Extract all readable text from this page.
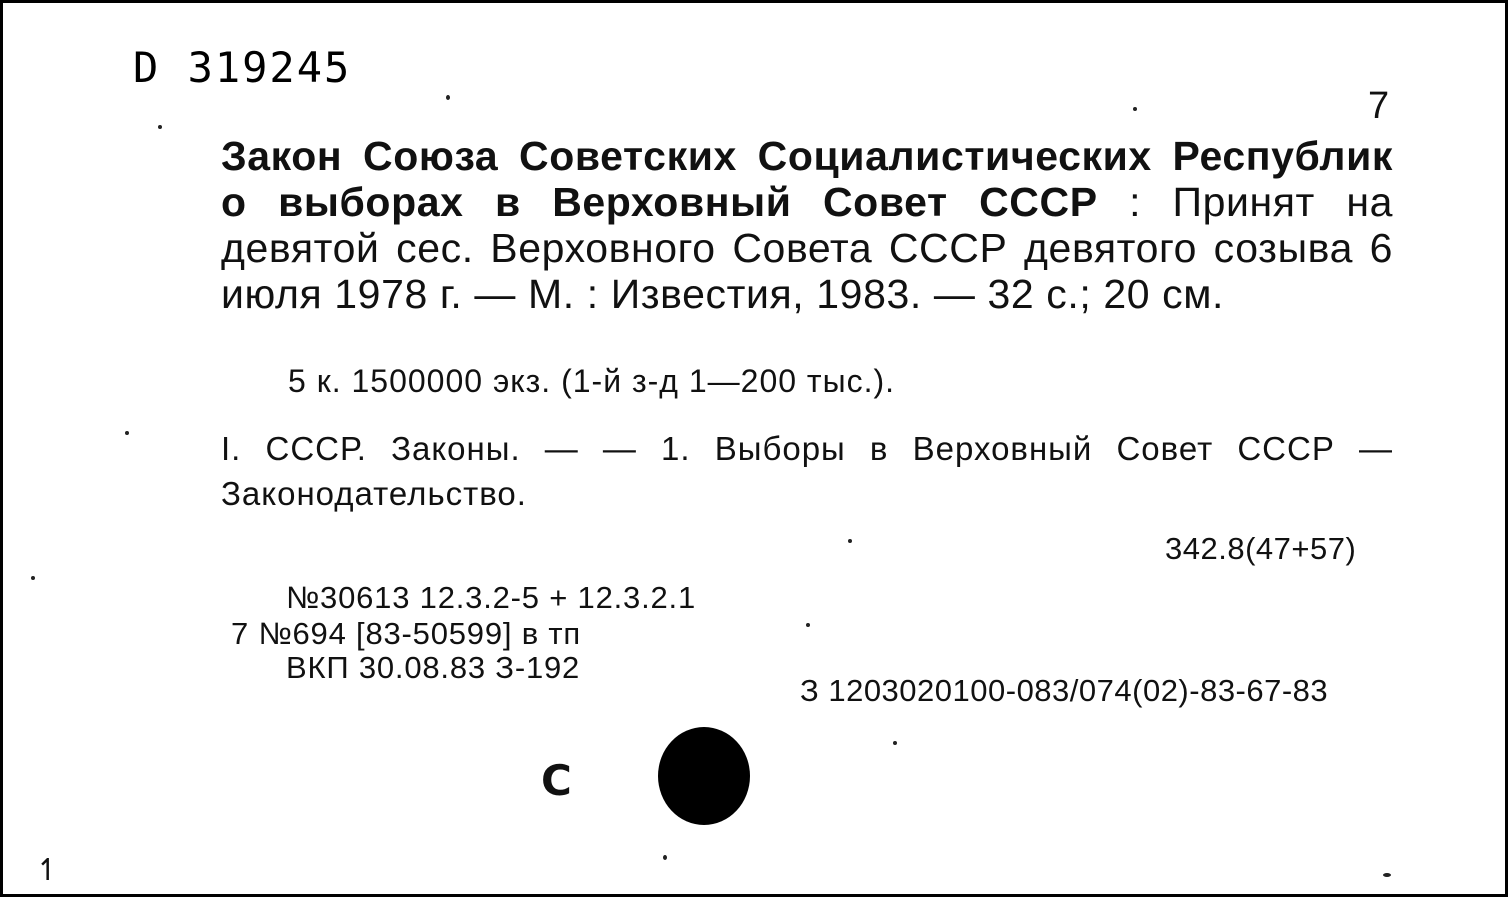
D 319245
7
Закон Союза Советских Социалистических Республик о выборах в Верховный Совет СССР : Принят на девятой сес. Верховного Совета СССР девятого созыва 6 июля 1978 г. — М. : Известия, 1983. — 32 с.; 20 см.
5 к. 1500000 экз. (1-й з-д 1—200 тыс.).
I. СССР. Законы. — — 1. Выборы в Верховный Совет СССР — Законодательство.
342.8(47+57)
№30613 12.3.2-5 + 12.3.2.1
7 №694 [83-50599] в тп
ВКП 30.08.83 З-192
З 1203020100-083/074(02)-83-67-83
С
↿
